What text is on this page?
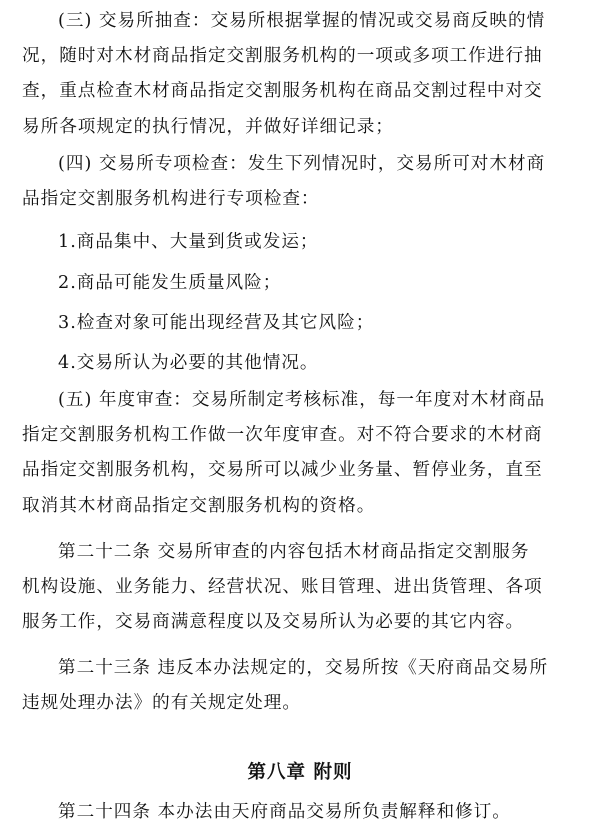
(三) 交易所抽查：交易所根据掌握的情况或交易商反映的情
况，随时对木材商品指定交割服务机构的一项或多项工作进行抽
查，重点检查木材商品指定交割服务机构在商品交割过程中对交
易所各项规定的执行情况，并做好详细记录；
(四) 交易所专项检查：发生下列情况时，交易所可对木材商
品指定交割服务机构进行专项检查：
1.商品集中、大量到货或发运；
2.商品可能发生质量风险；
3.检查对象可能出现经营及其它风险；
4.交易所认为必要的其他情况。
(五) 年度审查：交易所制定考核标准，每一年度对木材商品
指定交割服务机构工作做一次年度审查。对不符合要求的木材商
品指定交割服务机构，交易所可以减少业务量、暂停业务，直至
取消其木材商品指定交割服务机构的资格。
第二十二条 交易所审查的内容包括木材商品指定交割服务
机构设施、业务能力、经营状况、账目管理、进出货管理、各项
服务工作，交易商满意程度以及交易所认为必要的其它内容。
第二十三条 违反本办法规定的，交易所按《天府商品交易所
违规处理办法》的有关规定处理。
第八章 附则
第二十四条 本办法由天府商品交易所负责解释和修订。
